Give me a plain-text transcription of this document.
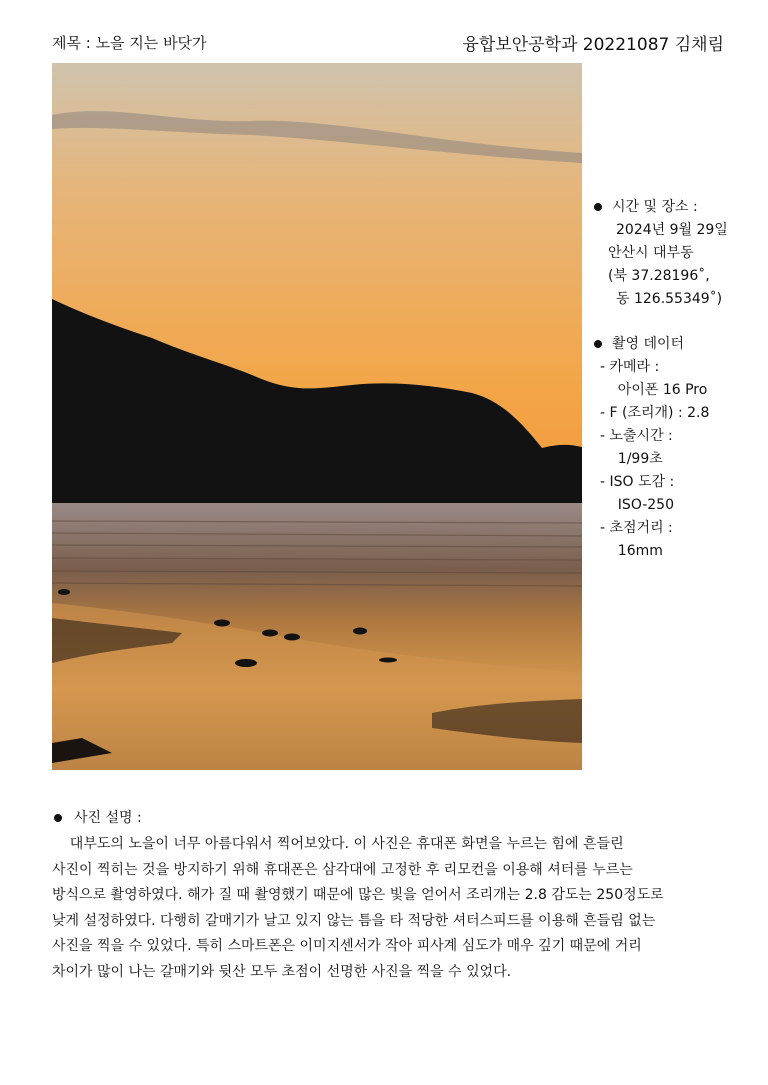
제목 : 노을 지는 바닷가	융합보안공학과 20221087 김채림
시간 및 장소 :
2024년 9월 29일
안산시 대부동
(북 37.28196˚,
동 126.55349˚)
촬영 데이터
- 카메라 :
아이폰 16 Pro
- F (조리개) : 2.8
- 노출시간 :
1/99초
- ISO 도감 :
ISO-250
- 초점거리 :
16mm
사진 설명 :
대부도의 노을이 너무 아름다워서 찍어보았다. 이 사진은 휴대폰 화면을 누르는 힘에 흔들린
사진이 찍히는 것을 방지하기 위해 휴대폰은 삼각대에 고정한 후 리모컨을 이용해 셔터를 누르는
방식으로 촬영하였다. 해가 질 때 촬영했기 때문에 많은 빛을 얻어서 조리개는 2.8 감도는 250정도로
낮게 설정하였다. 다행히 갈매기가 날고 있지 않는 틈을 타 적당한 셔터스피드를 이용해 흔들림 없는
사진을 찍을 수 있었다. 특히 스마트폰은 이미지센서가 작아 피사계 심도가 매우 깊기 때문에 거리
차이가 많이 나는 갈매기와 뒷산 모두 초점이 선명한 사진을 찍을 수 있었다.
